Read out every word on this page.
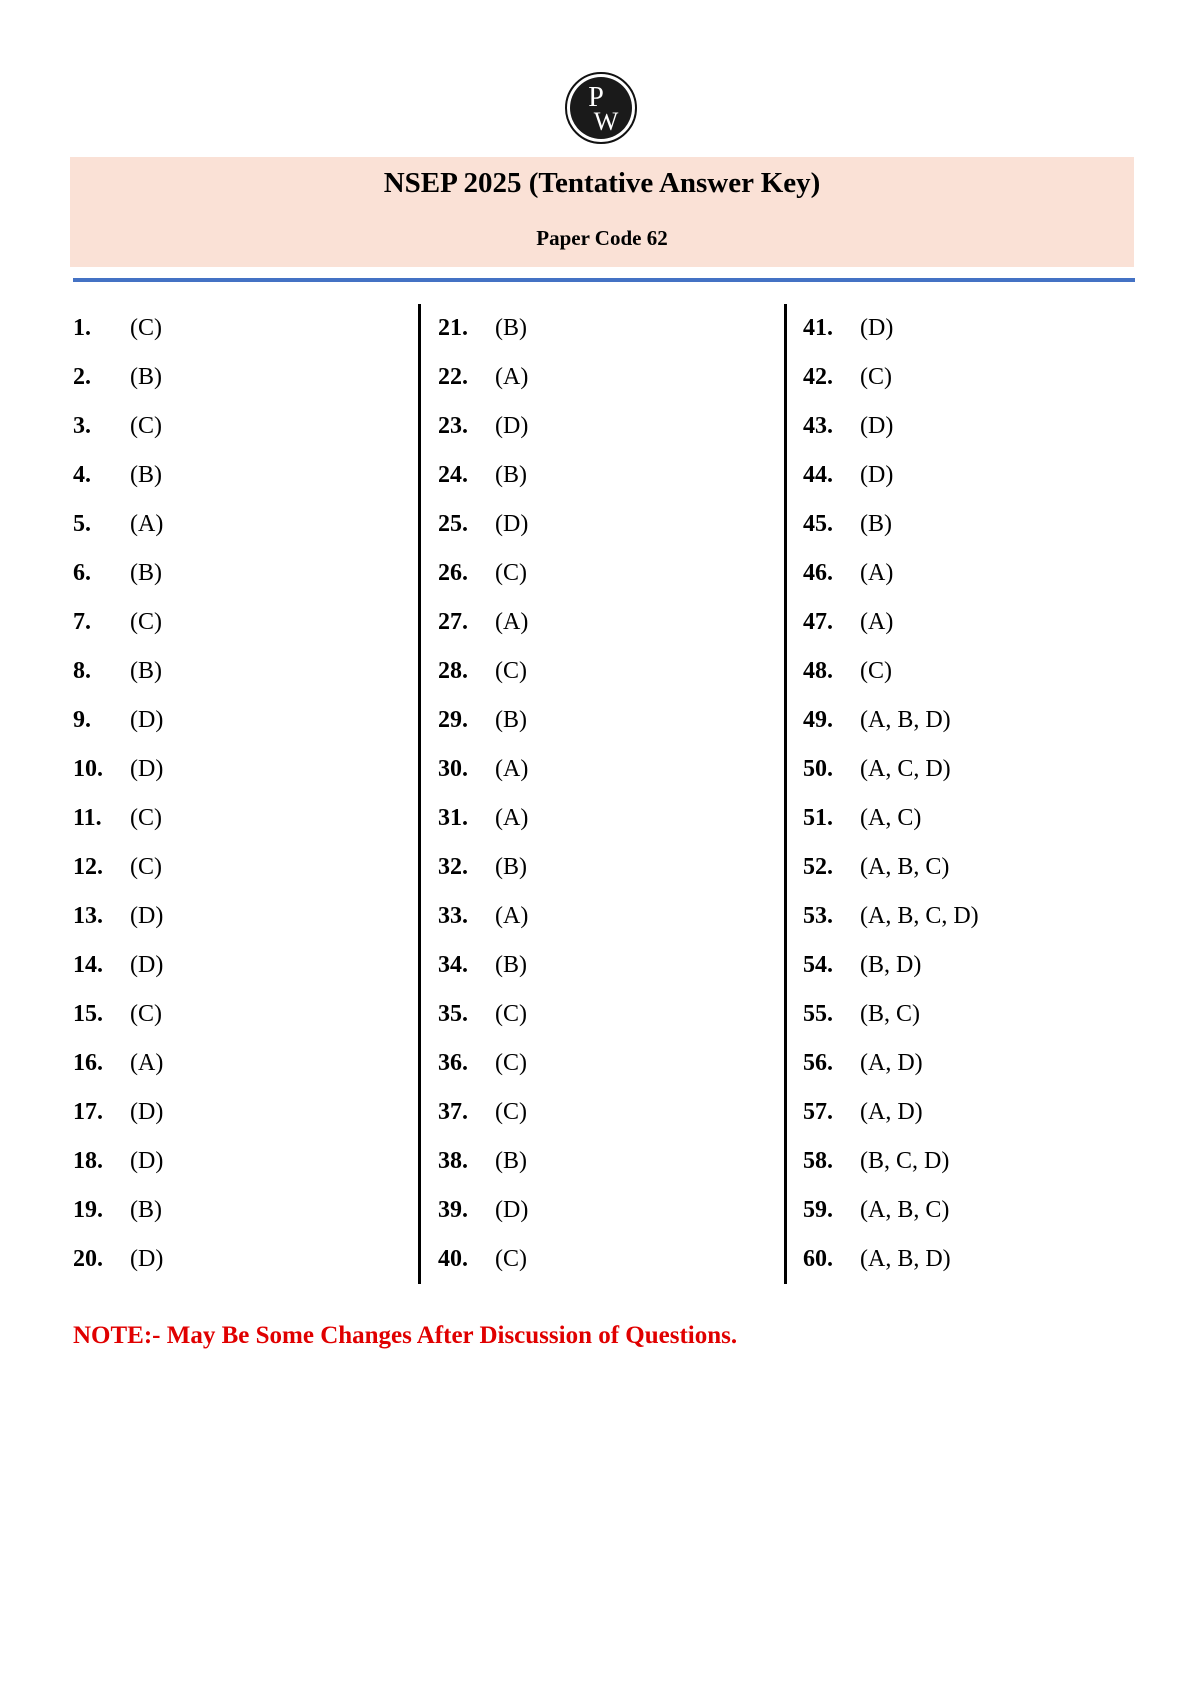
P
W
NSEP 2025 (Tentative Answer Key)

Paper Code 62

1.	(C)
2.	(B)
3.	(C)
4.	(B)
5.	(A)
6.	(B)
7.	(C)
8.	(B)
9.	(D)
10.	(D)
11.	(C)
12.	(C)
13.	(D)
14.	(D)
15.	(C)
16.	(A)
17.	(D)
18.	(D)
19.	(B)
20.	(D)
21.	(B)
22.	(A)
23.	(D)
24.	(B)
25.	(D)
26.	(C)
27.	(A)
28.	(C)
29.	(B)
30.	(A)
31.	(A)
32.	(B)
33.	(A)
34.	(B)
35.	(C)
36.	(C)
37.	(C)
38.	(B)
39.	(D)
40.	(C)
41.	(D)
42.	(C)
43.	(D)
44.	(D)
45.	(B)
46.	(A)
47.	(A)
48.	(C)
49.	(A, B, D)
50.	(A, C, D)
51.	(A, C)
52.	(A, B, C)
53.	(A, B, C, D)
54.	(B, D)
55.	(B, C)
56.	(A, D)
57.	(A, D)
58.	(B, C, D)
59.	(A, B, C)
60.	(A, B, D)

NOTE:- May Be Some Changes After Discussion of Questions.
